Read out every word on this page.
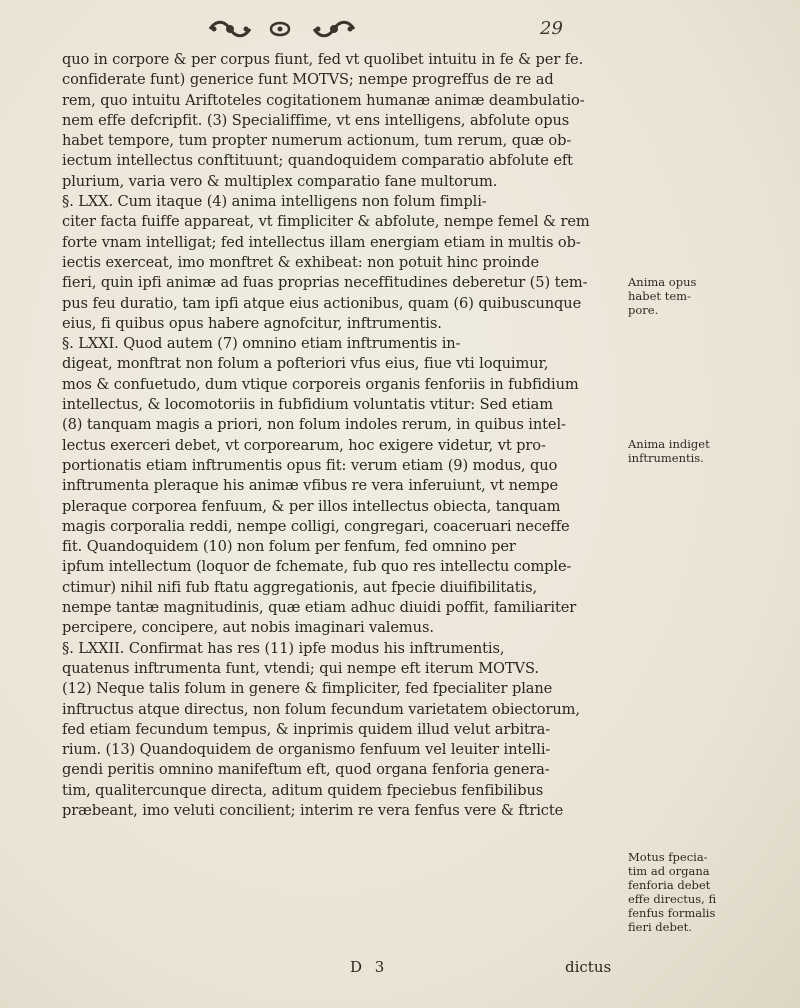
29
quo in corpore & per corpus fiunt, fed vt quolibet intuitu in fe & per fe.
confiderate funt) generice funt MOTVS; nempe progreffus de re ad
rem, quo intuitu Ariftoteles cogitationem humanæ animæ deambulatio-
nem effe defcripfit. (3) Specialiffime, vt ens intelligens, abfolute opus
habet tempore, tum propter numerum actionum, tum rerum, quæ ob-
iectum intellectus conftituunt; quandoquidem comparatio abfolute eft
plurium, varia vero & multiplex comparatio fane multorum.
§. LXX. Cum itaque (4) anima intelligens non folum fimpli-
citer facta fuiffe appareat, vt fimpliciter & abfolute, nempe femel & rem
forte vnam intelligat; fed intellectus illam energiam etiam in multis ob-
iectis exerceat, imo monftret & exhibeat: non potuit hinc proinde
fieri, quin ipfi animæ ad fuas proprias neceffitudines deberetur (5) tem-
pus feu duratio, tam ipfi atque eius actionibus, quam (6) quibuscunque
eius, fi quibus opus habere agnofcitur, inftrumentis.
§. LXXI. Quod autem (7) omnino etiam inftrumentis in-
digeat, monftrat non folum a pofteriori vfus eius, fiue vti loquimur,
mos & confuetudo, dum vtique corporeis organis fenforiis in fubfidium
intellectus, & locomotoriis in fubfidium voluntatis vtitur: Sed etiam
(8) tanquam magis a priori, non folum indoles rerum, in quibus intel-
lectus exerceri debet, vt corporearum, hoc exigere videtur, vt pro-
portionatis etiam inftrumentis opus fit: verum etiam (9) modus, quo
inftrumenta pleraque his animæ vfibus re vera inferuiunt, vt nempe
pleraque corporea fenfuum, & per illos intellectus obiecta, tanquam
magis corporalia reddi, nempe colligi, congregari, coaceruari neceffe
fit. Quandoquidem (10) non folum per fenfum, fed omnino per
ipfum intellectum (loquor de fchemate, fub quo res intellectu comple-
ctimur) nihil nifi fub ftatu aggregationis, aut fpecie diuifibilitatis,
nempe tantæ magnitudinis, quæ etiam adhuc diuidi poffit, familiariter
percipere, concipere, aut nobis imaginari valemus.
§. LXXII. Confirmat has res (11) ipfe modus his inftrumentis,
quatenus inftrumenta funt, vtendi; qui nempe eft iterum MOTVS.
(12) Neque talis folum in genere & fimpliciter, fed fpecialiter plane
inftructus atque directus, non folum fecundum varietatem obiectorum,
fed etiam fecundum tempus, & inprimis quidem illud velut arbitra-
rium. (13) Quandoquidem de organismo fenfuum vel leuiter intelli-
gendi peritis omnino manifeftum eft, quod organa fenforia genera-
tim, qualitercunque directa, aditum quidem fpeciebus fenfibilibus
præbeant, imo veluti concilient; interim re vera fenfus vere & ftricte
Anima opus
habet tem-
pore.
Anima indiget
inftrumentis.
Motus fpecia-
tim ad organa
fenforia debet
effe directus, fi
fenfus formalis
fieri debet.
D 3	dictus
